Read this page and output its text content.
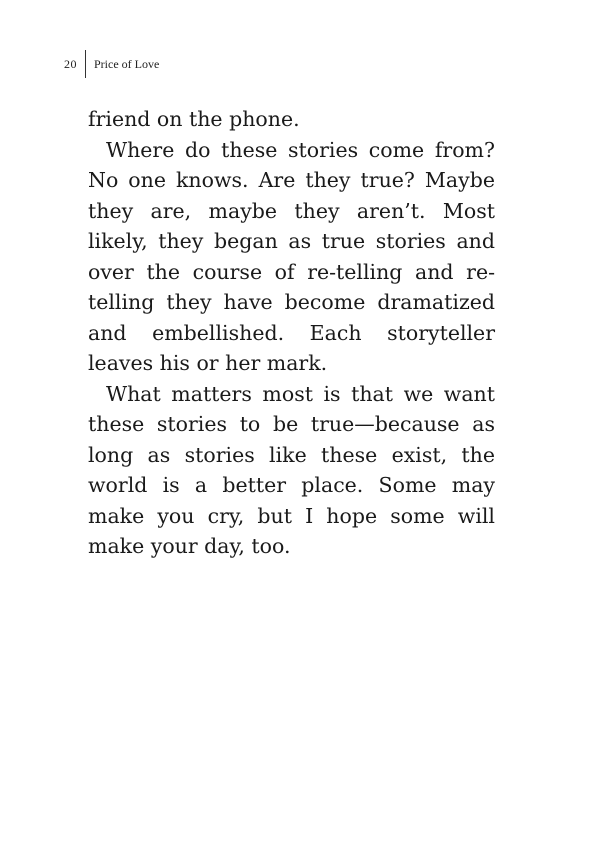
20 Price of Love

friend on the phone.

Where do these stories come from? No one knows. Are they true? Maybe they are, maybe they aren’t. Most likely, they began as true stories and over the course of re-telling and re-telling they have become dramatized and embellished. Each storyteller leaves his or her mark.

What matters most is that we want these stories to be true—because as long as stories like these exist, the world is a better place. Some may make you cry, but I hope some will make your day, too.
